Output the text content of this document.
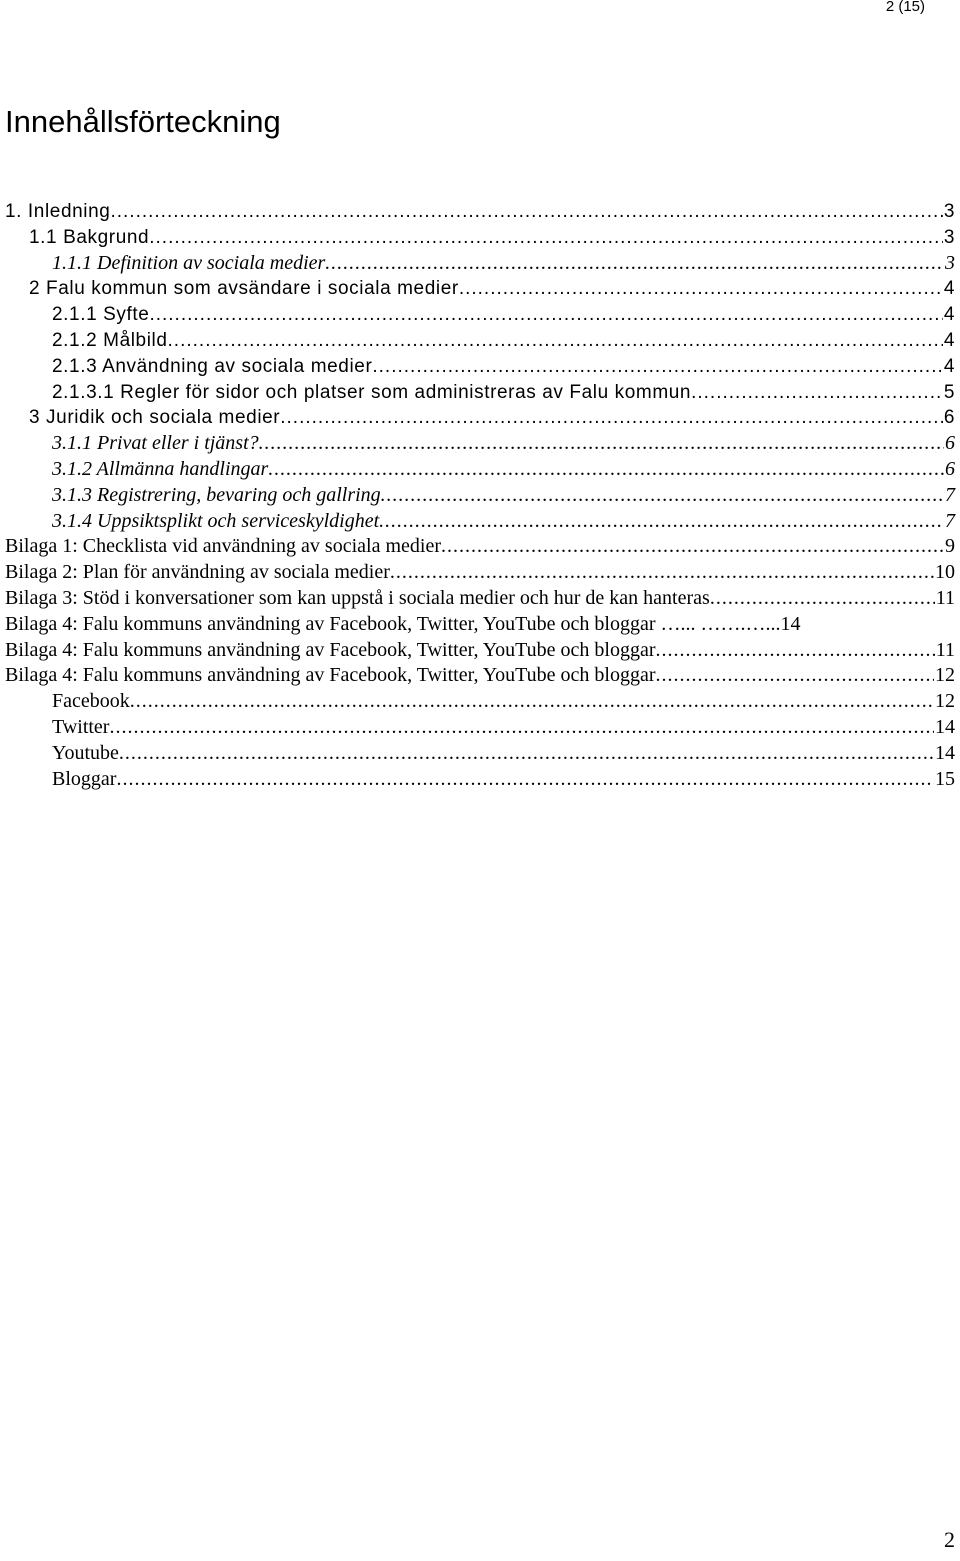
2 (15)
Innehållsförteckning
1. Inledning .....	3
1.1 Bakgrund .....	3
1.1.1 Definition av sociala medier .....	3
2 Falu kommun som avsändare i sociala medier .....	4
2.1.1 Syfte .....	4
2.1.2 Målbild .....	4
2.1.3 Användning av sociala medier .....	4
2.1.3.1 Regler för sidor och platser som administreras av Falu kommun .....	5
3 Juridik och sociala medier .....	6
3.1.1 Privat eller i tjänst? .....	6
3.1.2 Allmänna handlingar .....	6
3.1.3 Registrering, bevaring och gallring .....	7
3.1.4 Uppsiktsplikt och serviceskyldighet .....	7
Bilaga 1: Checklista vid användning av sociala medier .....	9
Bilaga 2: Plan för användning av sociala medier .....	10
Bilaga 3: Stöd i konversationer som kan uppstå i sociala medier och hur de kan hanteras .....	11
Bilaga 4: Falu kommuns användning av Facebook, Twitter, YouTube och bloggar …... …….…...14
Bilaga 4: Falu kommuns användning av Facebook, Twitter, YouTube och bloggar .....	11
Bilaga 4: Falu kommuns användning av Facebook, Twitter, YouTube och bloggar .....	12
Facebook .....	12
Twitter .....	14
Youtube .....	14
Bloggar .....	15
2
